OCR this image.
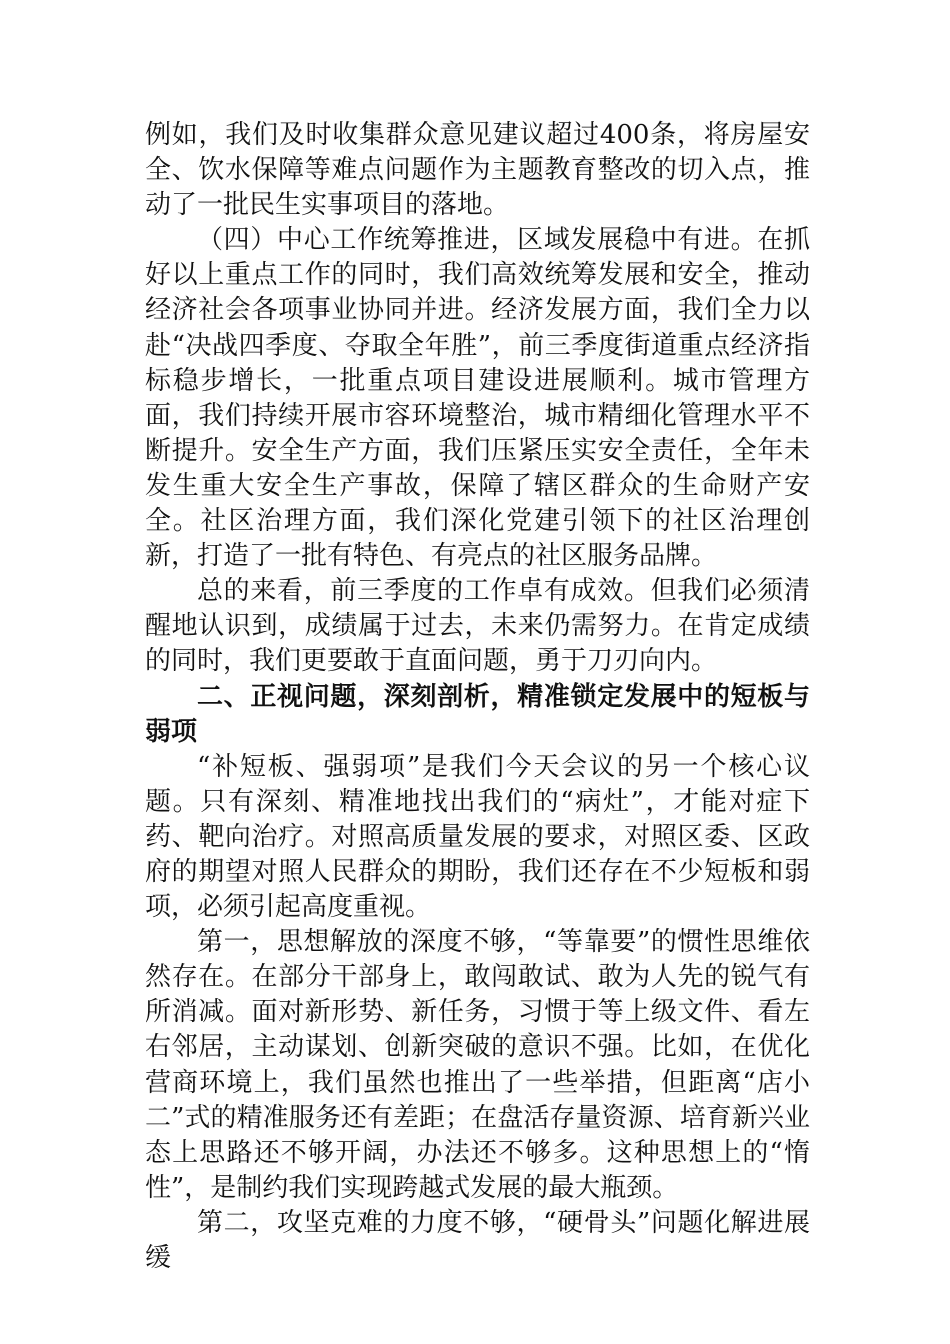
例如，我们及时收集群众意见建议超过400条，将房屋安全、饮水保障等难点问题作为主题教育整改的切入点，推动了一批民生实事项目的落地。

（四）中心工作统筹推进，区域发展稳中有进。在抓好以上重点工作的同时，我们高效统筹发展和安全，推动经济社会各项事业协同并进。经济发展方面，我们全力以赴“决战四季度、夺取全年胜”，前三季度街道重点经济指标稳步增长，一批重点项目建设进展顺利。城市管理方面，我们持续开展市容环境整治，城市精细化管理水平不断提升。安全生产方面，我们压紧压实安全责任，全年未发生重大安全生产事故，保障了辖区群众的生命财产安全。社区治理方面，我们深化党建引领下的社区治理创新，打造了一批有特色、有亮点的社区服务品牌。

总的来看，前三季度的工作卓有成效。但我们必须清醒地认识到，成绩属于过去，未来仍需努力。在肯定成绩的同时，我们更要敢于直面问题，勇于刀刃向内。

二、正视问题，深刻剖析，精准锁定发展中的短板与弱项

“补短板、强弱项”是我们今天会议的另一个核心议题。只有深刻、精准地找出我们的“病灶”，才能对症下药、靶向治疗。对照高质量发展的要求，对照区委、区政府的期望对照人民群众的期盼，我们还存在不少短板和弱项，必须引起高度重视。

第一，思想解放的深度不够，“等靠要”的惯性思维依然存在。在部分干部身上，敢闯敢试、敢为人先的锐气有所消减。面对新形势、新任务，习惯于等上级文件、看左右邻居，主动谋划、创新突破的意识不强。比如，在优化营商环境上，我们虽然也推出了一些举措，但距离“店小二”式的精准服务还有差距；在盘活存量资源、培育新兴业态上思路还不够开阔，办法还不够多。这种思想上的“惰性”，是制约我们实现跨越式发展的最大瓶颈。

第二，攻坚克难的力度不够，“硬骨头”问题化解进展缓
